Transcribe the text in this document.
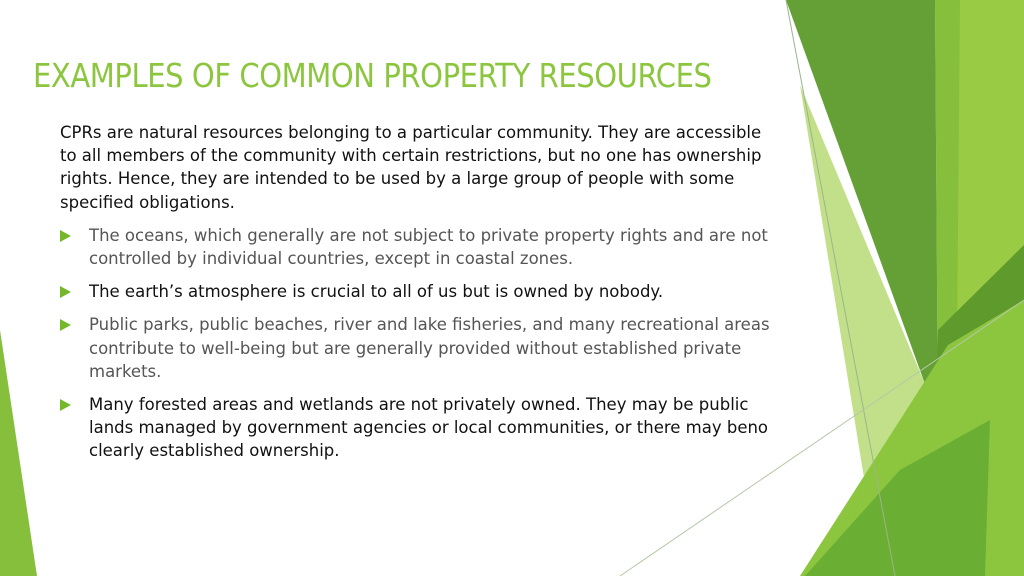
EXAMPLES OF COMMON PROPERTY RESOURCES

CPRs are natural resources belonging to a particular community. They are accessible to all members of the community with certain restrictions, but no one has ownership rights. Hence, they are intended to be used by a large group of people with some specified obligations.

The oceans, which generally are not subject to private property rights and are not controlled by individual countries, except in coastal zones.
The earth’s atmosphere is crucial to all of us but is owned by nobody.
Public parks, public beaches, river and lake fisheries, and many recreational areas contribute to well-being but are generally provided without established private markets.
Many forested areas and wetlands are not privately owned. They may be public lands managed by government agencies or local communities, or there may beno clearly established ownership.
